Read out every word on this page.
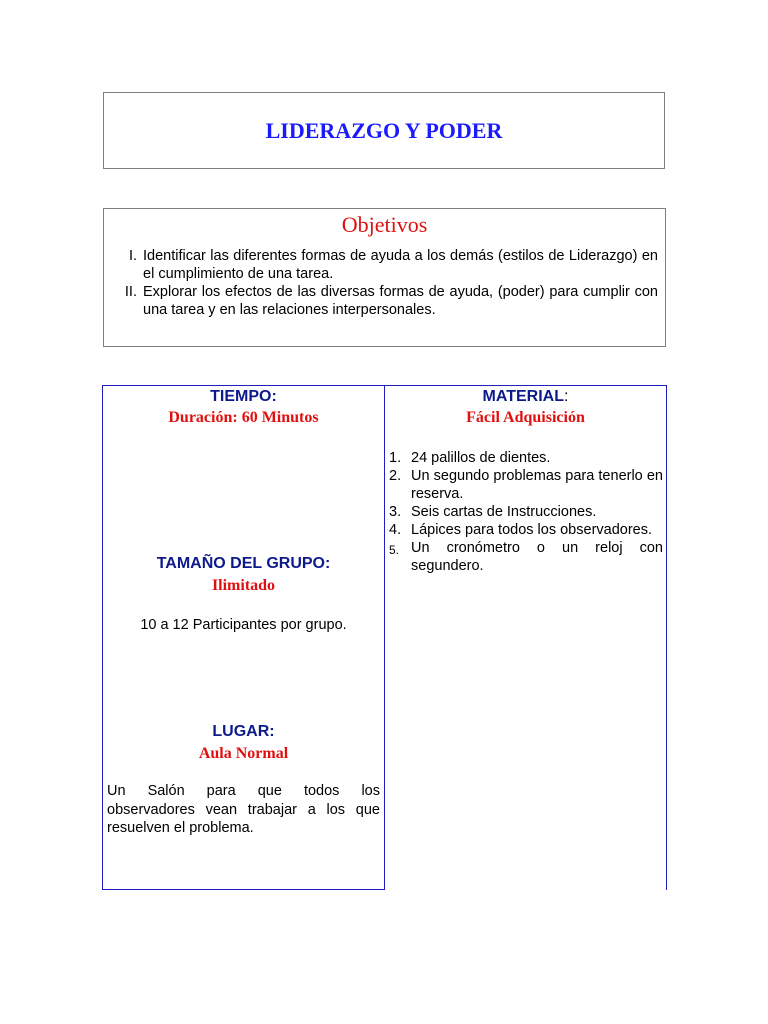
LIDERAZGO Y PODER
Objetivos
I. Identificar las diferentes formas de ayuda a los demás (estilos de Liderazgo) en el cumplimiento de una tarea.
II. Explorar los efectos de las diversas formas de ayuda, (poder) para cumplir con una tarea y en las relaciones interpersonales.
TIEMPO:
Duración: 60 Minutos
TAMAÑO DEL GRUPO:
Ilimitado
10 a 12 Participantes por grupo.
LUGAR:
Aula Normal
Un Salón para que todos los observadores vean trabajar a los que resuelven el problema.
MATERIAL:
Fácil Adquisición
1. 24 palillos de dientes.
2. Un segundo problemas para tenerlo en reserva.
3. Seis cartas de Instrucciones.
4. Lápices para todos los observadores.
5. Un cronómetro o un reloj con segundero.
